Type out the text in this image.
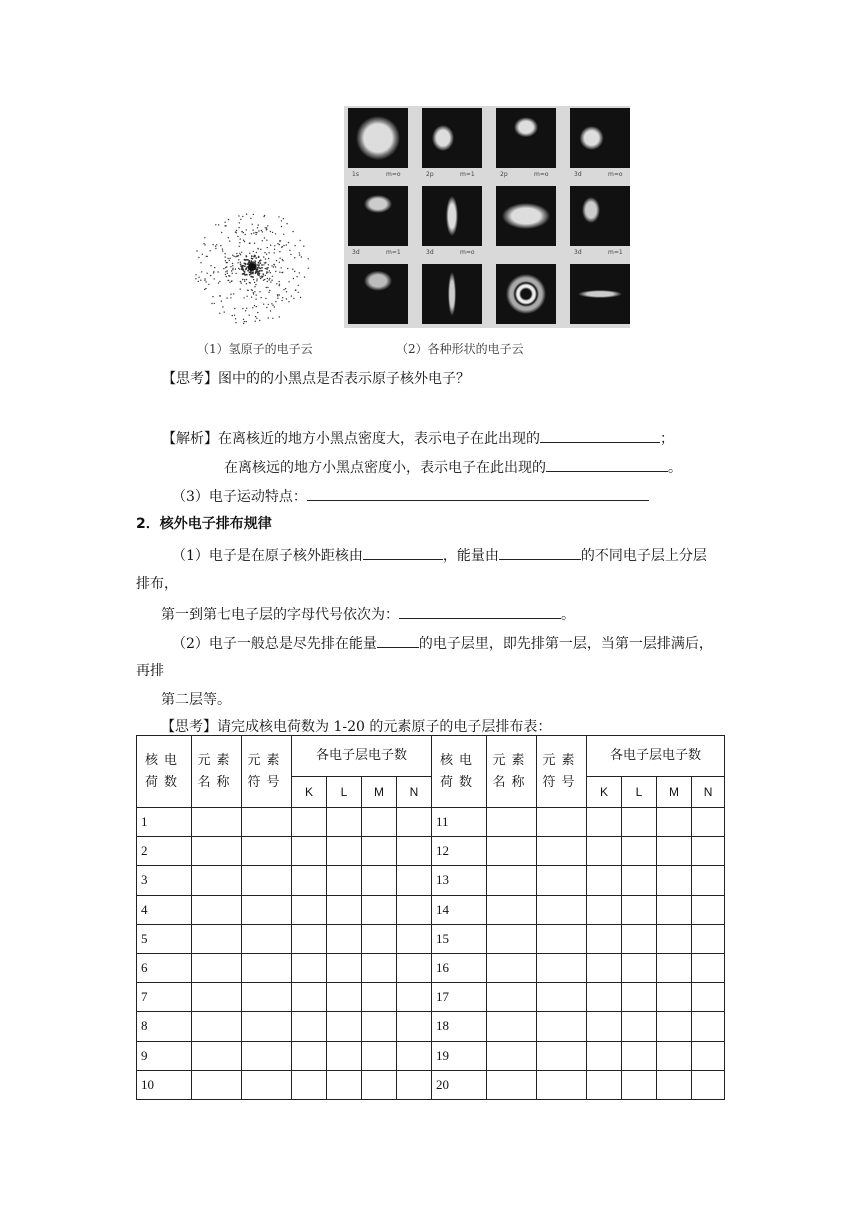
1s	m=o	2p	m=1	2p	m=o	3d	m=o
3d	m=1	3d	m=o	3d	m=1
（1）氢原子的电子云	（2）各种形状的电子云
【思考】图中的的小黑点是否表示原子核外电子？
【解析】在离核近的地方小黑点密度大，表示电子在此出现的	；
在离核远的地方小黑点密度小，表示电子在此出现的	。
（3）电子运动特点：
2．核外电子排布规律
（1）电子是在原子核外距核由	，能量由	的不同电子层上分层
排布，
第一到第七电子层的字母代号依次为：	。
（2）电子一般总是尽先排在能量	的电子层里，即先排第一层，当第一层排满后，
再排
第二层等。
【思考】请完成核电荷数为 1-20 的元素原子的电子层排布表：
核电荷数	元素名称	元素符号	各电子层电子数				核电荷数	元素名称	元素符号	各电子层电子数			
			K	L	M	N				K	L	M	N
1							11						
2							12						
3							13						
4							14						
5							15						
6							16						
7							17						
8							18						
9							19						
10							20						
